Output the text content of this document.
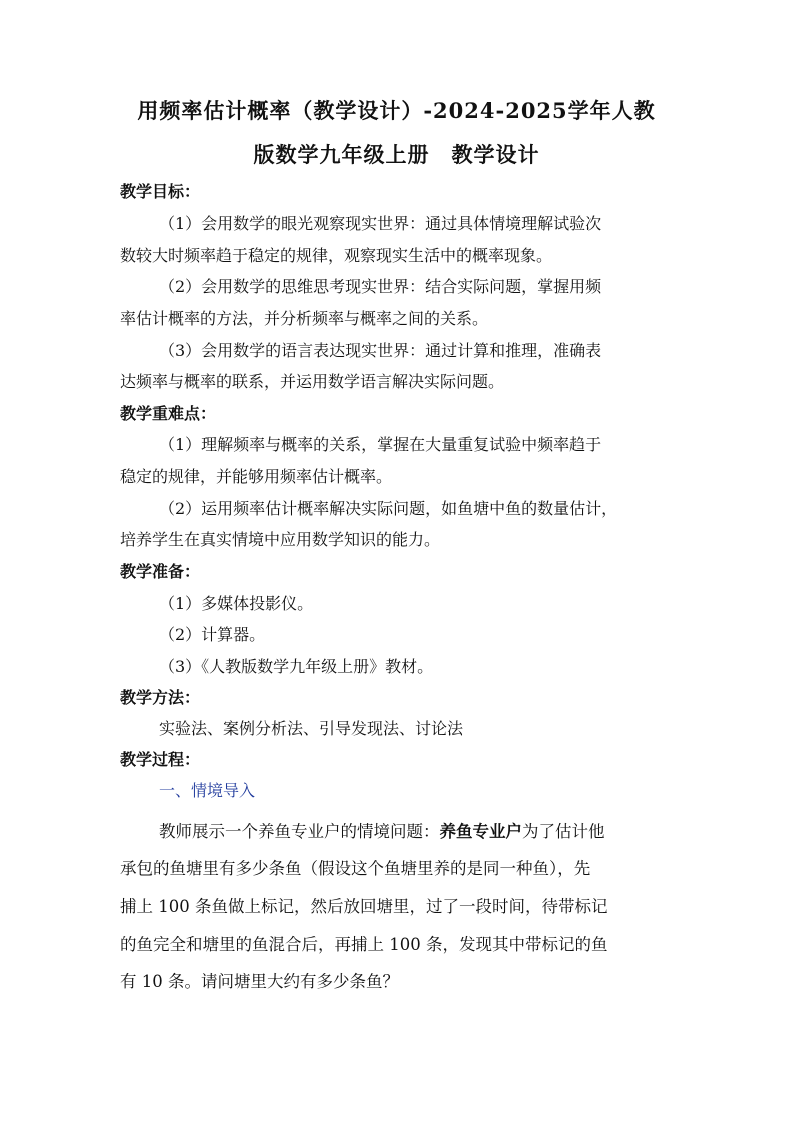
用频率估计概率（教学设计）-2024-2025学年人教
版数学九年级上册　教学设计

教学目标：

（1）会用数学的眼光观察现实世界：通过具体情境理解试验次

数较大时频率趋于稳定的规律，观察现实生活中的概率现象。

（2）会用数学的思维思考现实世界：结合实际问题，掌握用频

率估计概率的方法，并分析频率与概率之间的关系。

（3）会用数学的语言表达现实世界：通过计算和推理，准确表

达频率与概率的联系，并运用数学语言解决实际问题。

教学重难点：

（1）理解频率与概率的关系，掌握在大量重复试验中频率趋于

稳定的规律，并能够用频率估计概率。

（2）运用频率估计概率解决实际问题，如鱼塘中鱼的数量估计，

培养学生在真实情境中应用数学知识的能力。

教学准备：

（1）多媒体投影仪。

（2）计算器。

（3）《人教版数学九年级上册》教材。

教学方法：

实验法、案例分析法、引导发现法、讨论法

教学过程：

一、情境导入

教师展示一个养鱼专业户的情境问题：养鱼专业户为了估计他

承包的鱼塘里有多少条鱼（假设这个鱼塘里养的是同一种鱼），先

捕上 100 条鱼做上标记，然后放回塘里，过了一段时间，待带标记

的鱼完全和塘里的鱼混合后，再捕上 100 条，发现其中带标记的鱼

有 10 条。请问塘里大约有多少条鱼？
